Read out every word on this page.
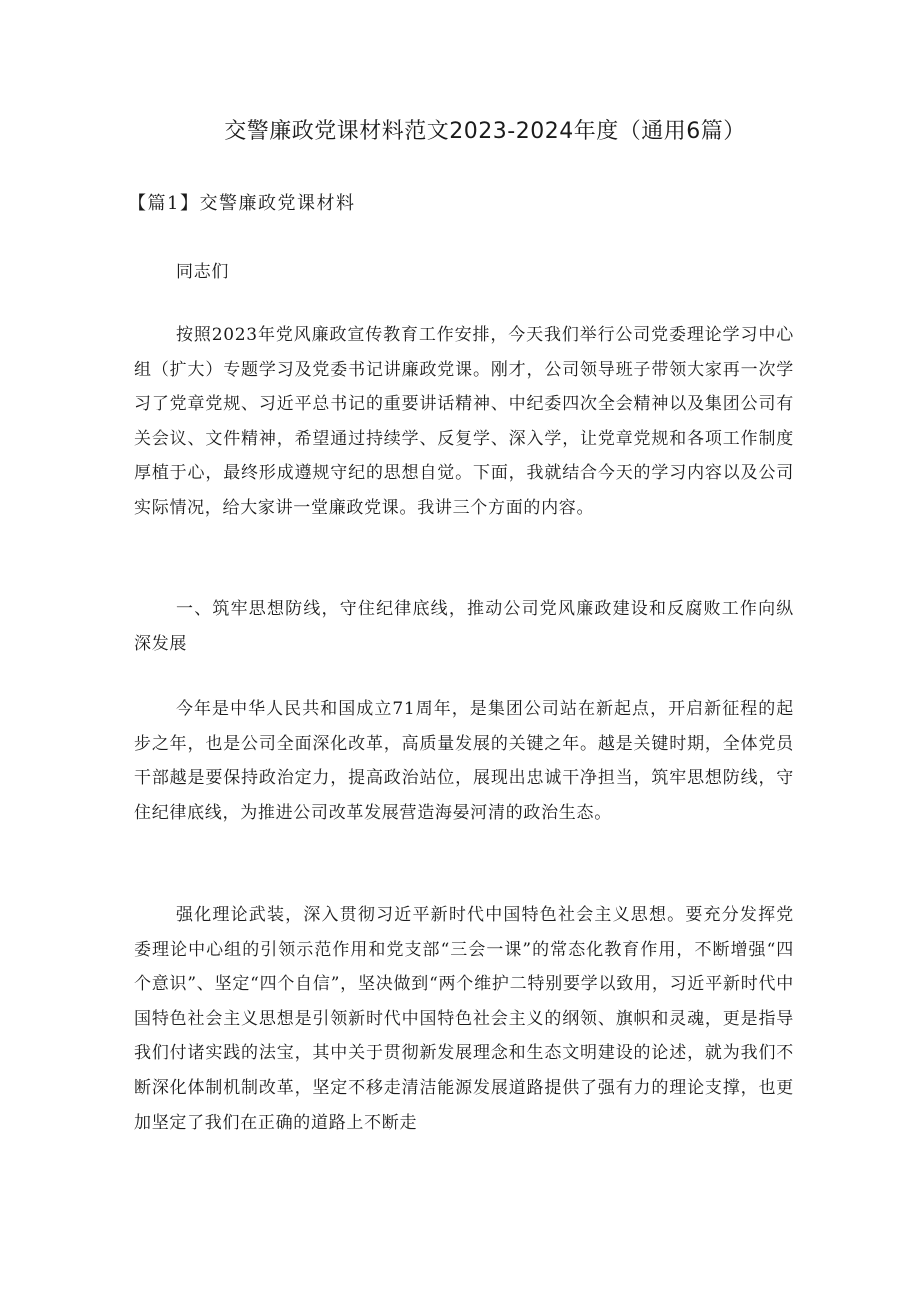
交警廉政党课材料范文2023-2024年度（通用6篇）
【篇1】交警廉政党课材料

同志们

按照2023年党风廉政宣传教育工作安排，今天我们举行公司党委理论学习中心组（扩大）专题学习及党委书记讲廉政党课。刚才，公司领导班子带领大家再一次学习了党章党规、习近平总书记的重要讲话精神、中纪委四次全会精神以及集团公司有关会议、文件精神，希望通过持续学、反复学、深入学，让党章党规和各项工作制度厚植于心，最终形成遵规守纪的思想自觉。下面，我就结合今天的学习内容以及公司实际情况，给大家讲一堂廉政党课。我讲三个方面的内容。

一、筑牢思想防线，守住纪律底线，推动公司党风廉政建设和反腐败工作向纵深发展

今年是中华人民共和国成立71周年，是集团公司站在新起点，开启新征程的起步之年，也是公司全面深化改革，高质量发展的关键之年。越是关键时期，全体党员干部越是要保持政治定力，提高政治站位，展现出忠诚干净担当，筑牢思想防线，守住纪律底线，为推进公司改革发展营造海晏河清的政治生态。

强化理论武装，深入贯彻习近平新时代中国特色社会主义思想。要充分发挥党委理论中心组的引领示范作用和党支部“三会一课”的常态化教育作用，不断增强“四个意识”、坚定“四个自信”，坚决做到“两个维护二特别要学以致用，习近平新时代中国特色社会主义思想是引领新时代中国特色社会主义的纲领、旗帜和灵魂，更是指导我们付诸实践的法宝，其中关于贯彻新发展理念和生态文明建设的论述，就为我们不断深化体制机制改革，坚定不移走清洁能源发展道路提供了强有力的理论支撑，也更加坚定了我们在正确的道路上不断走
